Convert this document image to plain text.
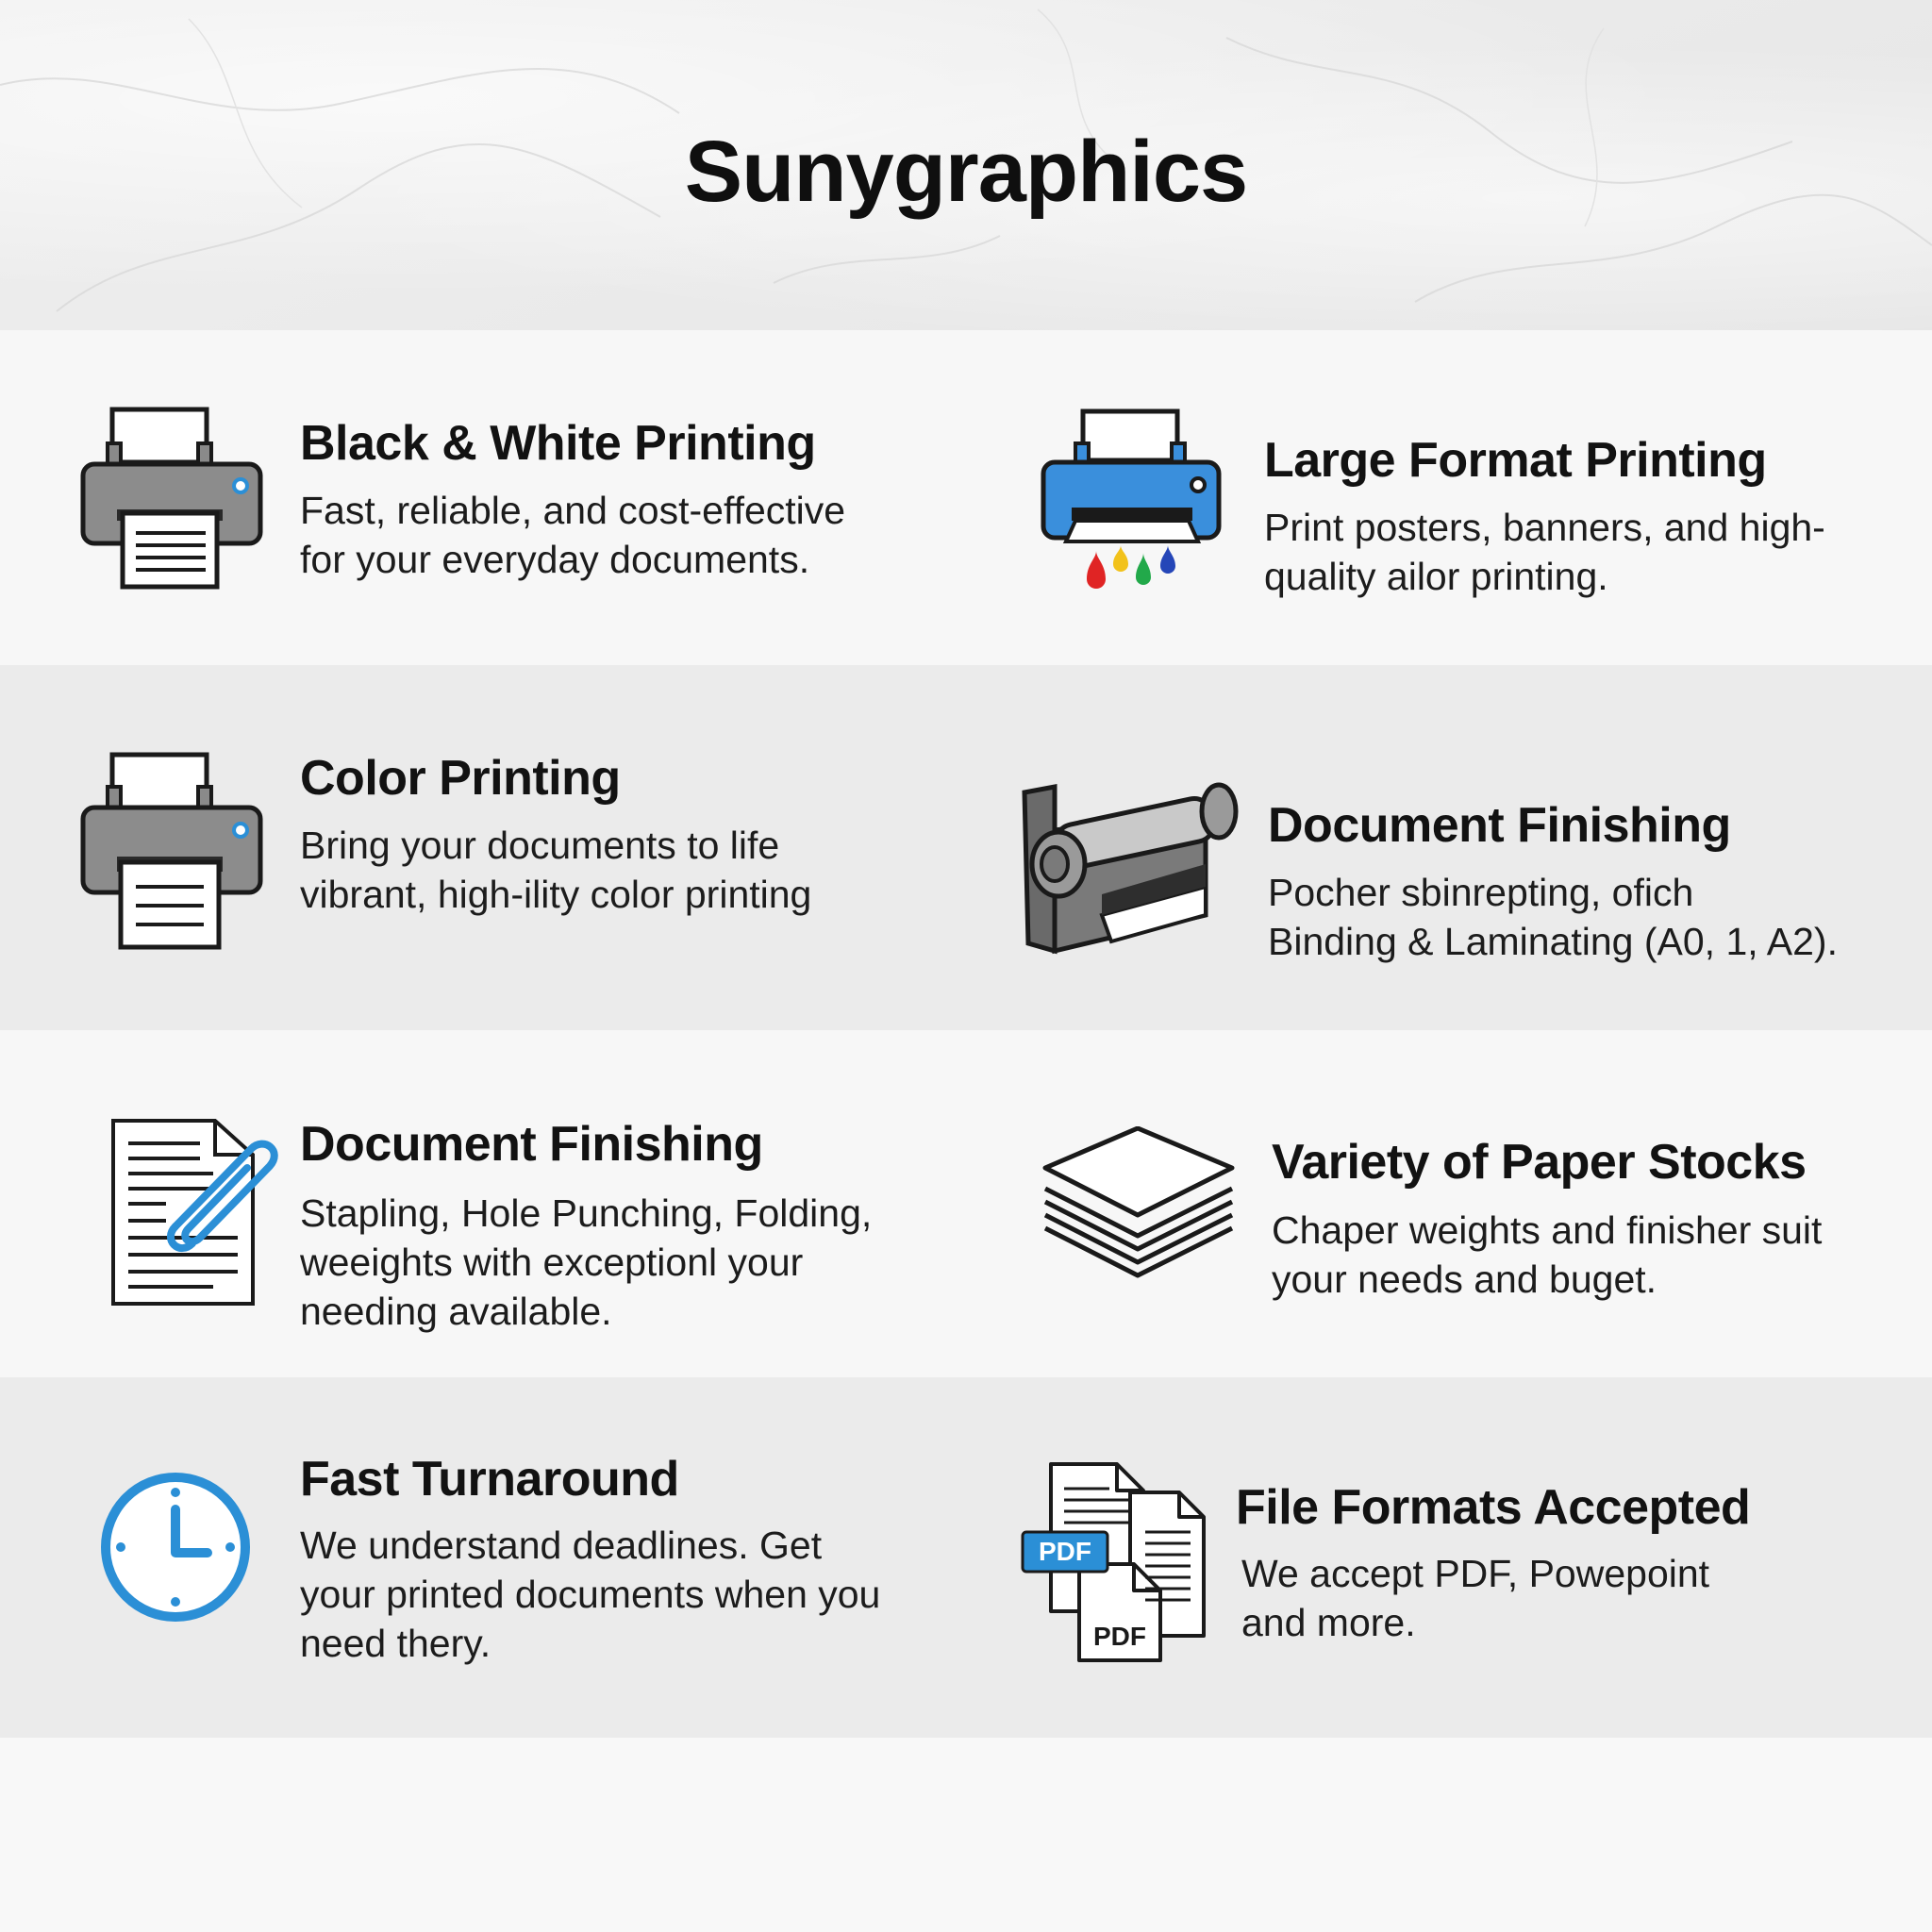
Sunygraphics
Black & White Printing
Fast, reliable, and cost-effective
for your everyday documents.
Large Format Printing
Print posters, banners, and high-
quality ailor printing.
Color Printing
Bring your documents to life
vibrant, high-ility color printing
Document Finishing
Pocher sbinrepting, ofich
Binding & Laminating (A0, 1, A2).
Document Finishing
Stapling, Hole Punching, Folding,
weeights with exceptionl your
needing available.
Variety of Paper Stocks
Chaper weights and finisher suit
your needs and buget.
Fast Turnaround
We understand deadlines. Get
your printed documents when you
need thery.
PDF
PDF
File Formats Accepted
We accept PDF, Powepoint
and more.
